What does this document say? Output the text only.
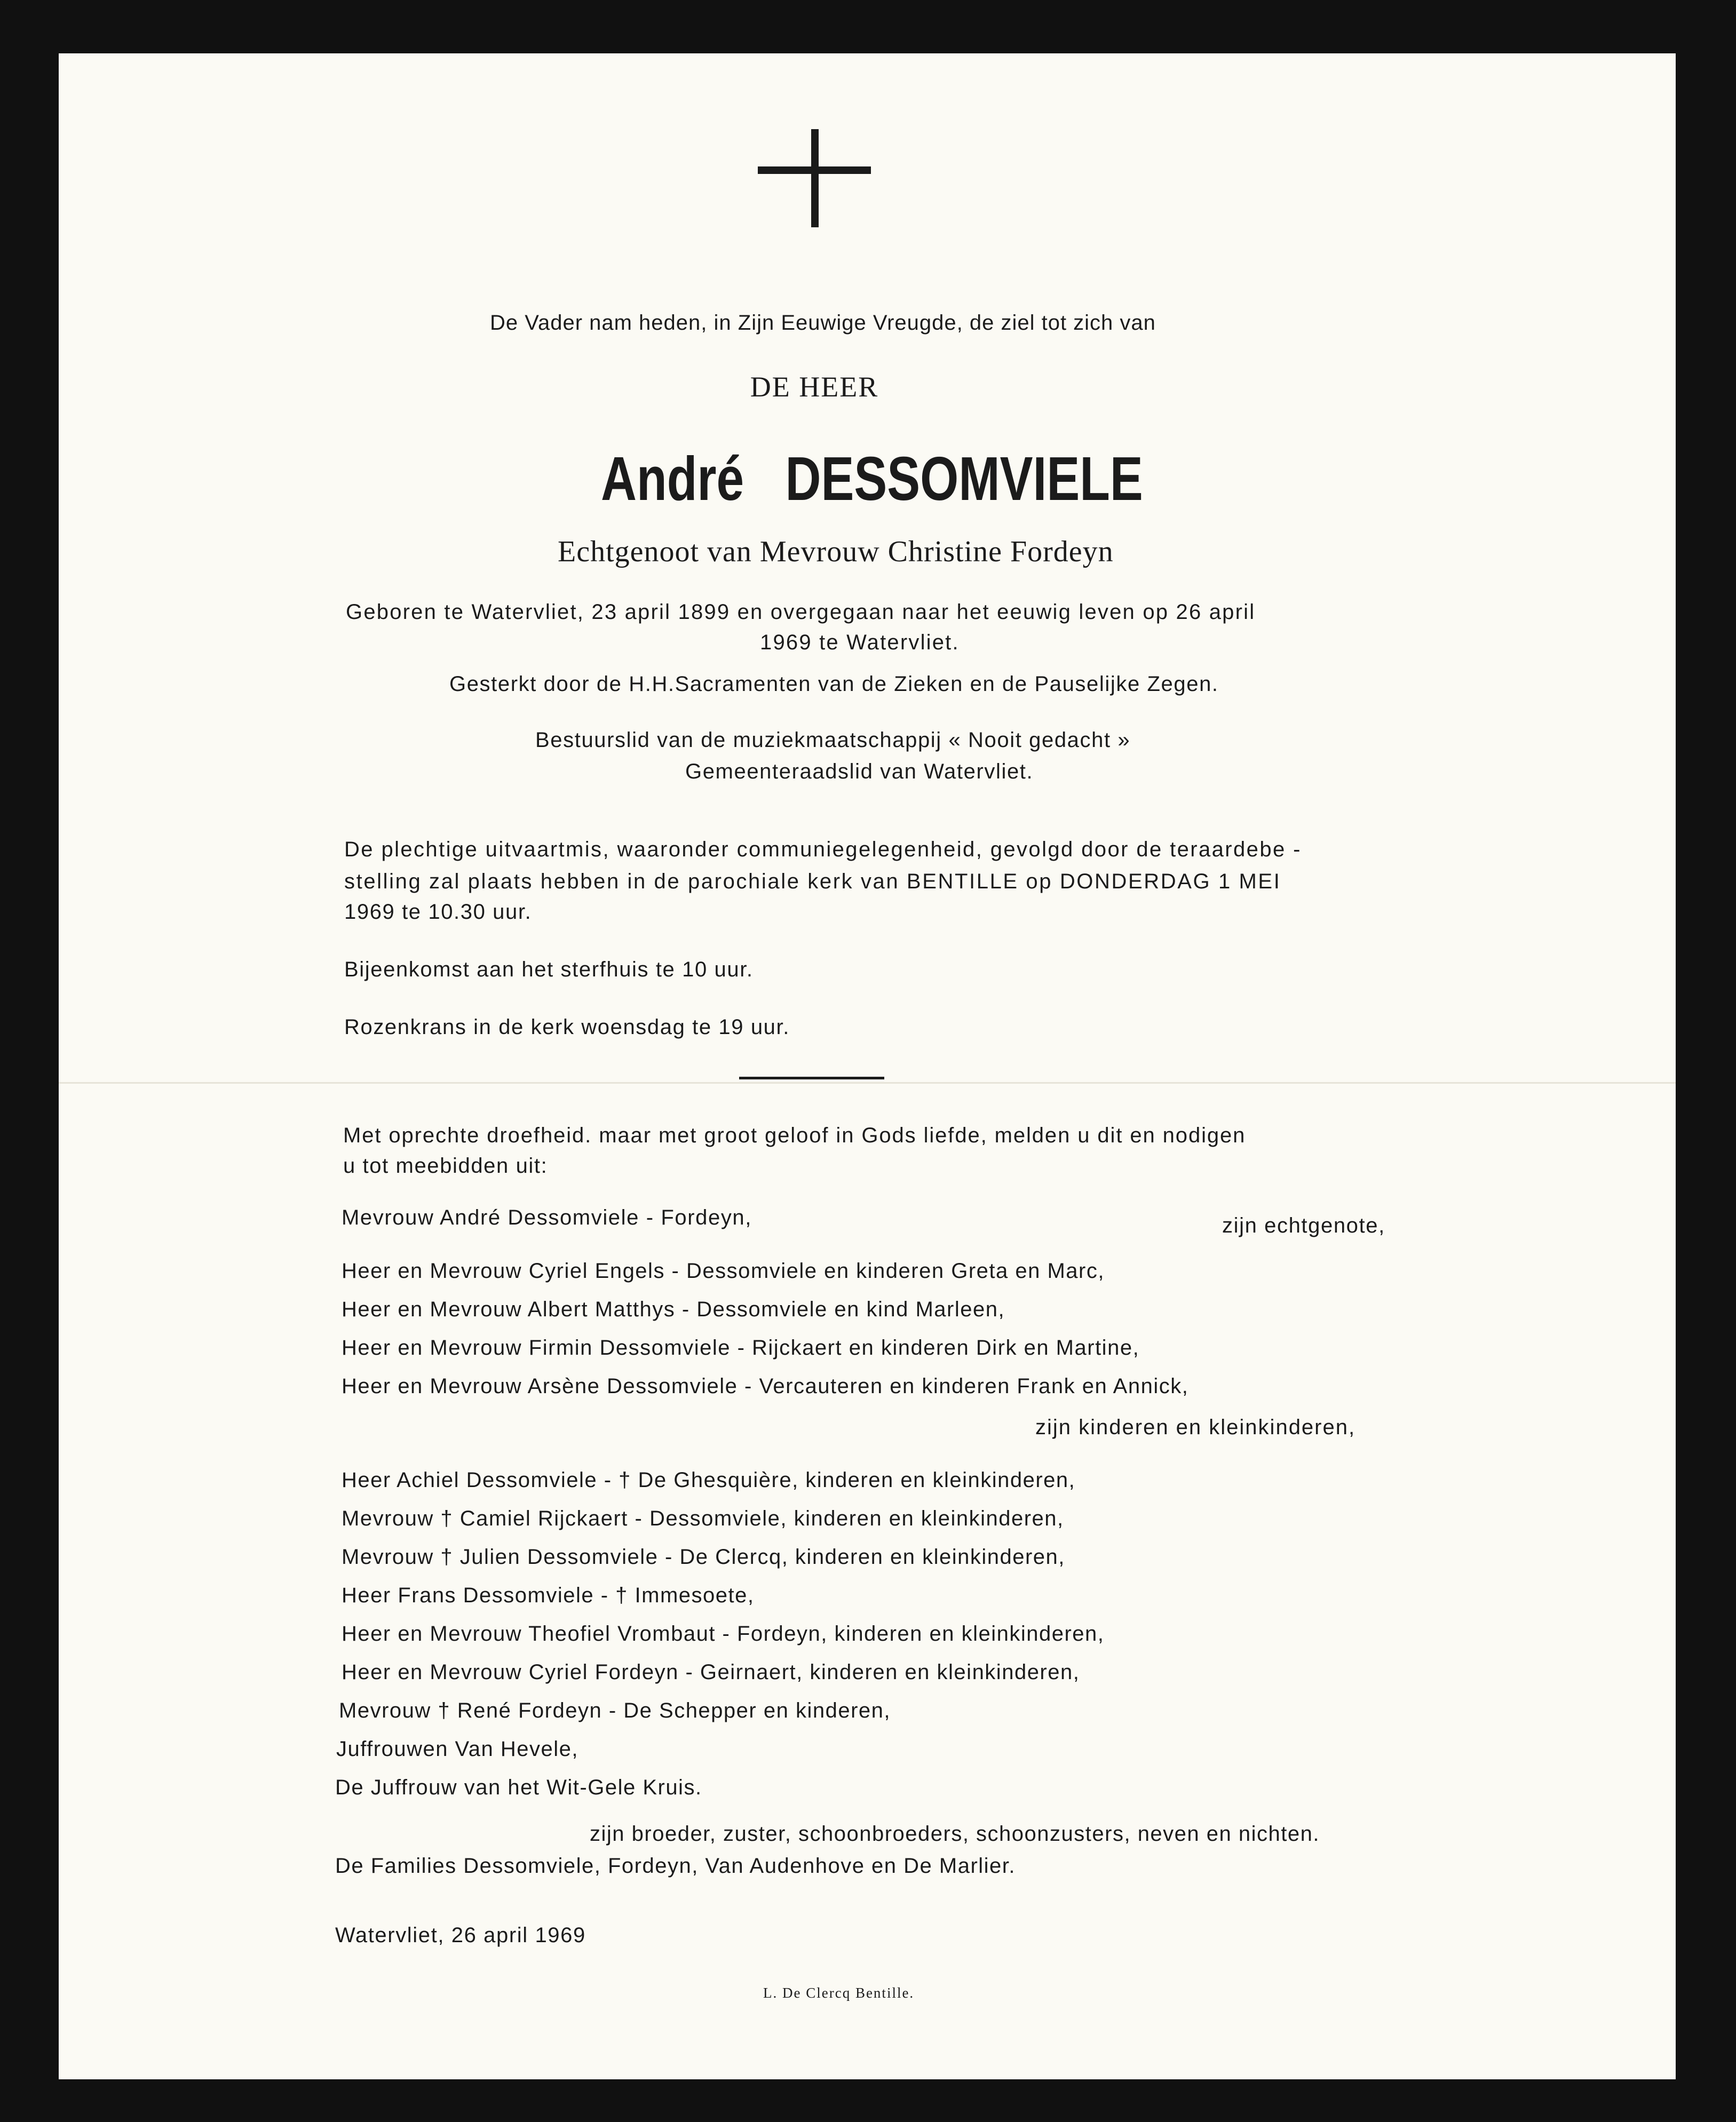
De Vader nam heden, in Zijn Eeuwige Vreugde, de ziel tot zich van
DE HEER
André   DESSOMVIELE
Echtgenoot van Mevrouw Christine Fordeyn
Geboren te Watervliet, 23 april 1899 en overgegaan naar het eeuwig leven op 26 april
1969 te Watervliet.
Gesterkt door de H.H.Sacramenten van de Zieken en de Pauselijke Zegen.
Bestuurslid van de muziekmaatschappij « Nooit gedacht »
Gemeenteraadslid van Watervliet.
De plechtige uitvaartmis, waaronder communiegelegenheid, gevolgd door de teraardebe -
stelling zal plaats hebben in de parochiale kerk van BENTILLE op DONDERDAG 1 MEI
1969 te 10.30 uur.
Bijeenkomst aan het sterfhuis te 10 uur.
Rozenkrans in de kerk woensdag te 19 uur.
Met oprechte droefheid. maar met groot geloof in Gods liefde, melden u dit en nodigen
u tot meebidden uit:
Mevrouw André Dessomviele - Fordeyn,	zijn echtgenote,
Heer en Mevrouw Cyriel Engels - Dessomviele en kinderen Greta en Marc,
Heer en Mevrouw Albert Matthys - Dessomviele en kind Marleen,
Heer en Mevrouw Firmin Dessomviele - Rijckaert en kinderen Dirk en Martine,
Heer en Mevrouw Arsène Dessomviele - Vercauteren en kinderen Frank en Annick,
zijn kinderen en kleinkinderen,
Heer Achiel Dessomviele - † De Ghesquière, kinderen en kleinkinderen,
Mevrouw † Camiel Rijckaert - Dessomviele, kinderen en kleinkinderen,
Mevrouw † Julien Dessomviele - De Clercq, kinderen en kleinkinderen,
Heer Frans Dessomviele - † Immesoete,
Heer en Mevrouw Theofiel Vrombaut - Fordeyn, kinderen en kleinkinderen,
Heer en Mevrouw Cyriel Fordeyn - Geirnaert, kinderen en kleinkinderen,
Mevrouw † René Fordeyn - De Schepper en kinderen,
Juffrouwen Van Hevele,
De Juffrouw van het Wit-Gele Kruis.
zijn broeder, zuster, schoonbroeders, schoonzusters, neven en nichten.
De Families Dessomviele, Fordeyn, Van Audenhove en De Marlier.
Watervliet, 26 april 1969
L. De Clercq Bentille.
